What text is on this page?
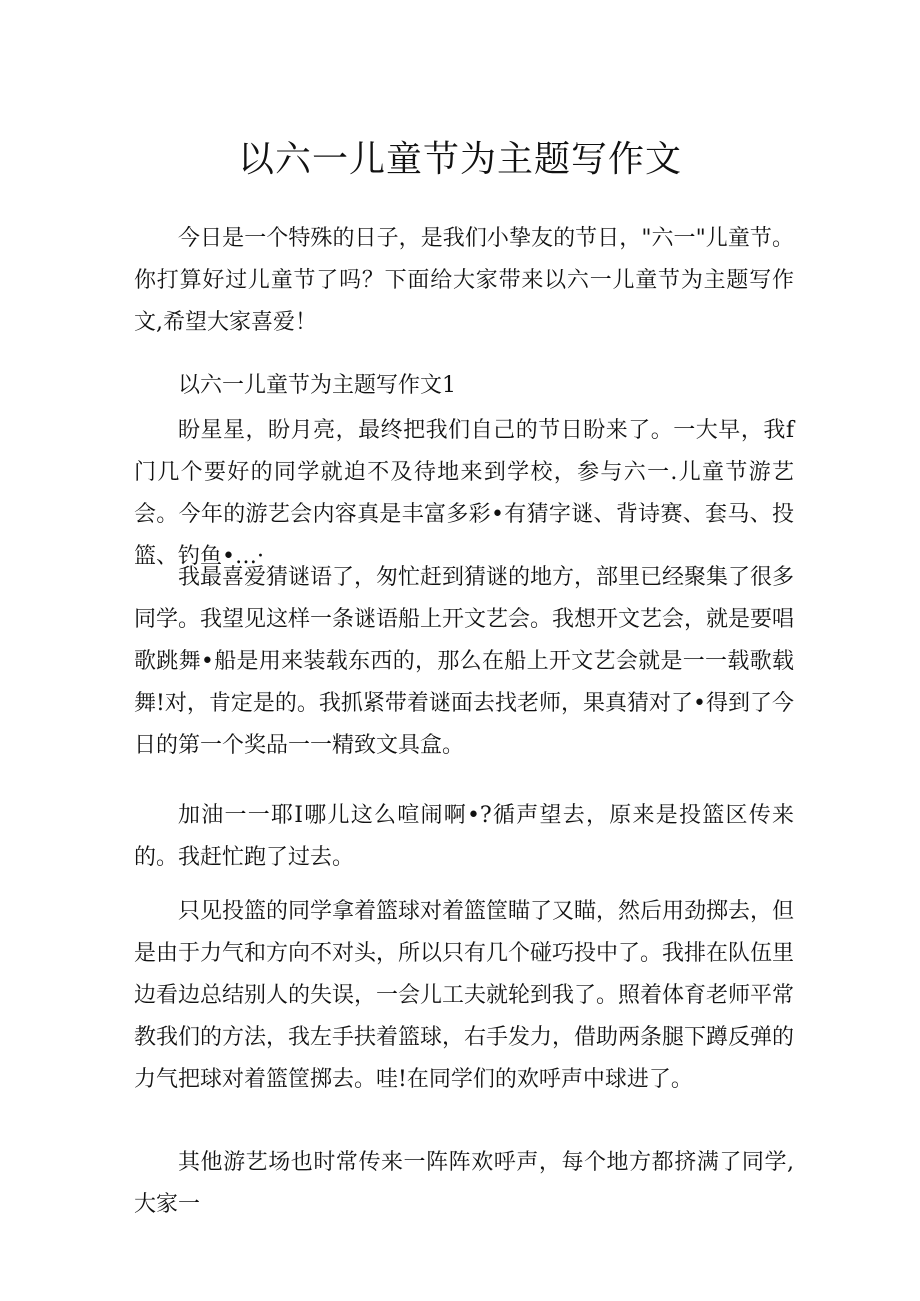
以六一儿童节为主题写作文

今日是一个特殊的日子，是我们小挚友的节日，"六一"儿童节。你打算好过儿童节了吗？下面给大家带来以六一儿童节为主题写作文,希望大家喜爱！

以六一儿童节为主题写作文1

盼星星，盼月亮，最终把我们自己的节日盼来了。一大早，我f门几个要好的同学就迫不及待地来到学校，参与六一.儿童节游艺会。今年的游艺会内容真是丰富多彩•有猜字谜、背诗赛、套马、投篮、钓鱼•…·

我最喜爱猜谜语了，匆忙赶到猜谜的地方，部里已经聚集了很多同学。我望见这样一条谜语船上开文艺会。我想开文艺会，就是要唱歌跳舞•船是用来装载东西的，那么在船上开文艺会就是一一载歌载舞!对，肯定是的。我抓紧带着谜面去找老师，果真猜对了•得到了今日的第一个奖品一一精致文具盒。

加油一一耶I哪儿这么喧闹啊•?循声望去，原来是投篮区传来的。我赶忙跑了过去。

只见投篮的同学拿着篮球对着篮筐瞄了又瞄，然后用劲掷去，但是由于力气和方向不对头，所以只有几个碰巧投中了。我排在队伍里边看边总结别人的失误，一会儿工夫就轮到我了。照着体育老师平常教我们的方法，我左手扶着篮球，右手发力，借助两条腿下蹲反弹的力气把球对着篮筐掷去。哇!在同学们的欢呼声中球进了。

其他游艺场也时常传来一阵阵欢呼声，每个地方都挤满了同学,大家一
